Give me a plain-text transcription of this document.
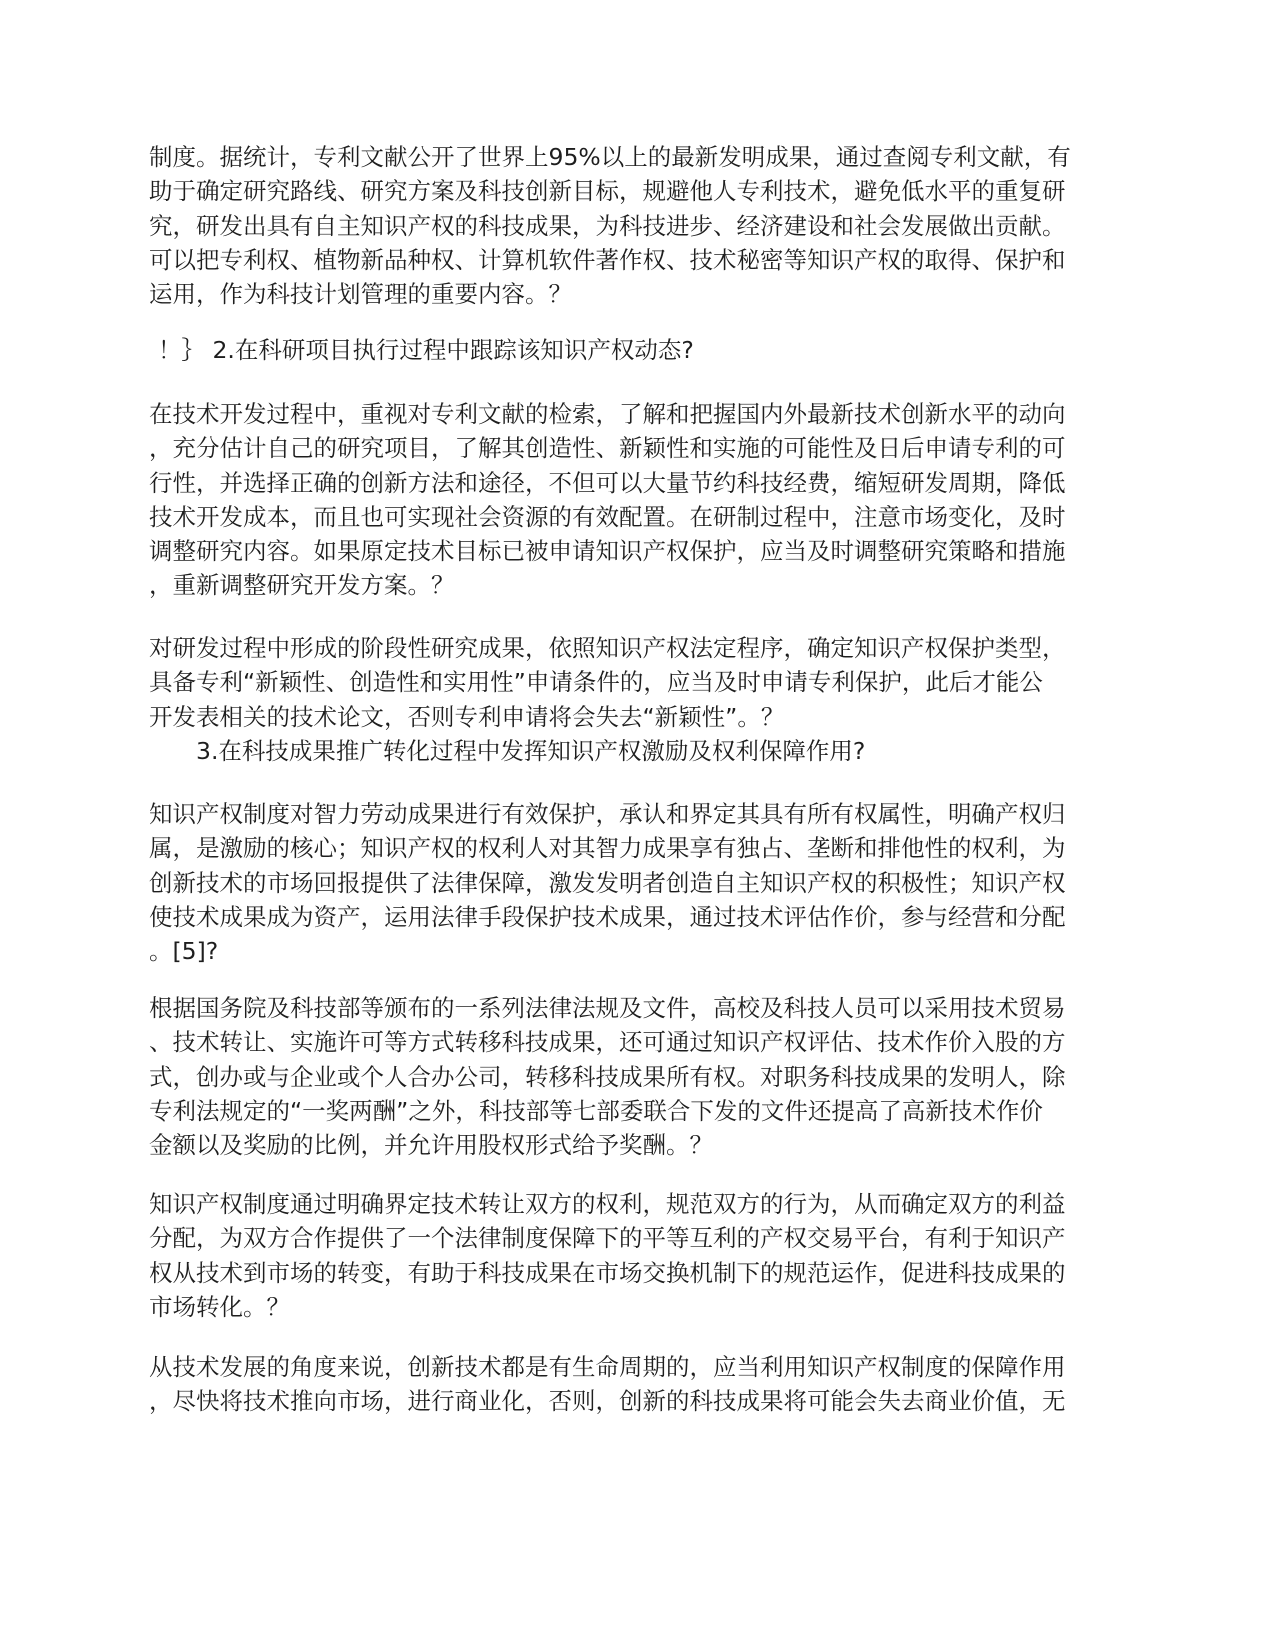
制度。据统计，专利文献公开了世界上95%以上的最新发明成果，通过查阅专利文献，有
助于确定研究路线、研究方案及科技创新目标，规避他人专利技术，避免低水平的重复研
究，研发出具有自主知识产权的科技成果，为科技进步、经济建设和社会发展做出贡献。
可以把专利权、植物新品种权、计算机软件著作权、技术秘密等知识产权的取得、保护和
运用，作为科技计划管理的重要内容。？
！｝ 2.在科研项目执行过程中跟踪该知识产权动态?
在技术开发过程中，重视对专利文献的检索，了解和把握国内外最新技术创新水平的动向
，充分估计自己的研究项目，了解其创造性、新颖性和实施的可能性及日后申请专利的可
行性，并选择正确的创新方法和途径，不但可以大量节约科技经费，缩短研发周期，降低
技术开发成本，而且也可实现社会资源的有效配置。在研制过程中，注意市场变化，及时
调整研究内容。如果原定技术目标已被申请知识产权保护，应当及时调整研究策略和措施
，重新调整研究开发方案。？
对研发过程中形成的阶段性研究成果，依照知识产权法定程序，确定知识产权保护类型，
具备专利“新颖性、创造性和实用性”申请条件的，应当及时申请专利保护，此后才能公
开发表相关的技术论文，否则专利申请将会失去“新颖性”。？
3.在科技成果推广转化过程中发挥知识产权激励及权利保障作用?
知识产权制度对智力劳动成果进行有效保护，承认和界定其具有所有权属性，明确产权归
属，是激励的核心；知识产权的权利人对其智力成果享有独占、垄断和排他性的权利，为
创新技术的市场回报提供了法律保障，激发发明者创造自主知识产权的积极性；知识产权
使技术成果成为资产，运用法律手段保护技术成果，通过技术评估作价，参与经营和分配
。[5]?
根据国务院及科技部等颁布的一系列法律法规及文件，高校及科技人员可以采用技术贸易
、技术转让、实施许可等方式转移科技成果，还可通过知识产权评估、技术作价入股的方
式，创办或与企业或个人合办公司，转移科技成果所有权。对职务科技成果的发明人，除
专利法规定的“一奖两酬”之外，科技部等七部委联合下发的文件还提高了高新技术作价
金额以及奖励的比例，并允许用股权形式给予奖酬。？
知识产权制度通过明确界定技术转让双方的权利，规范双方的行为，从而确定双方的利益
分配，为双方合作提供了一个法律制度保障下的平等互利的产权交易平台，有利于知识产
权从技术到市场的转变，有助于科技成果在市场交换机制下的规范运作，促进科技成果的
市场转化。？
从技术发展的角度来说，创新技术都是有生命周期的，应当利用知识产权制度的保障作用
，尽快将技术推向市场，进行商业化，否则，创新的科技成果将可能会失去商业价值，无
